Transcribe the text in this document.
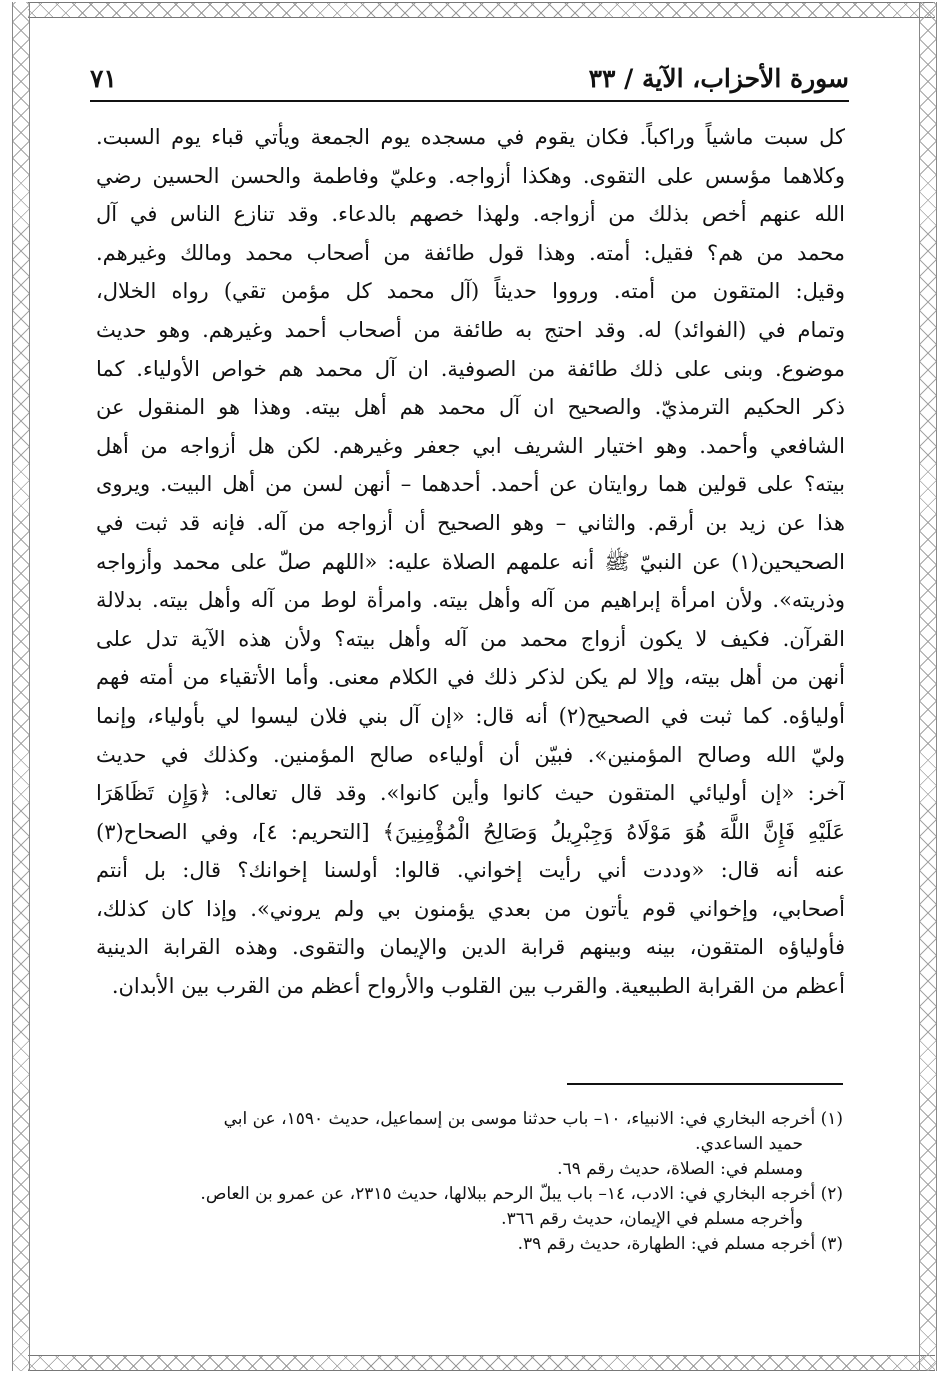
سورة الأحزاب، الآية / ٣٣
٧١
كل سبت ماشياً وراكباً. فكان يقوم في مسجده يوم الجمعة ويأتي قباء يوم السبت.
وكلاهما مؤسس على التقوى. وهكذا أزواجه. وعليّ وفاطمة والحسن الحسين رضي
الله عنهم أخص بذلك من أزواجه. ولهذا خصهم بالدعاء. وقد تنازع الناس في آل
محمد من هم؟ فقيل: أمته. وهذا قول طائفة من أصحاب محمد ومالك وغيرهم.
وقيل: المتقون من أمته. ورووا حديثاً (آل محمد كل مؤمن تقي) رواه الخلال،
وتمام في (الفوائد) له. وقد احتج به طائفة من أصحاب أحمد وغيرهم. وهو حديث
موضوع. وبنى على ذلك طائفة من الصوفية. ان آل محمد هم خواص الأولياء. كما
ذكر الحكيم الترمذيّ. والصحيح ان آل محمد هم أهل بيته. وهذا هو المنقول عن
الشافعي وأحمد. وهو اختيار الشريف ابي جعفر وغيرهم. لكن هل أزواجه من أهل
بيته؟ على قولين هما روايتان عن أحمد. أحدهما – أنهن لسن من أهل البيت. ويروى
هذا عن زيد بن أرقم. والثاني – وهو الصحيح أن أزواجه من آله. فإنه قد ثبت في
الصحيحين(١) عن النبيّ ﷺ أنه علمهم الصلاة عليه: «اللهم صلّ على محمد وأزواجه
وذريته». ولأن امرأة إبراهيم من آله وأهل بيته. وامرأة لوط من آله وأهل بيته. بدلالة
القرآن. فكيف لا يكون أزواج محمد من آله وأهل بيته؟ ولأن هذه الآية تدل على
أنهن من أهل بيته، وإلا لم يكن لذكر ذلك في الكلام معنى. وأما الأتقياء من أمته فهم
أولياؤه. كما ثبت في الصحيح(٢) أنه قال: «إن آل بني فلان ليسوا لي بأولياء، وإنما
وليّ الله وصالح المؤمنين». فبيّن أن أولياءه صالح المؤمنين. وكذلك في حديث
آخر: «إن أوليائي المتقون حيث كانوا وأين كانوا». وقد قال تعالى: ﴿وَإِن تَظَاهَرَا
عَلَيْهِ فَإِنَّ اللَّهَ هُوَ مَوْلَاهُ وَجِبْرِيلُ وَصَالِحُ الْمُؤْمِنِينَ﴾ [التحريم: ٤]، وفي الصحاح(٣)
عنه أنه قال: «وددت أني رأيت إخواني. قالوا: أولسنا إخوانك؟ قال: بل أنتم
أصحابي، وإخواني قوم يأتون من بعدي يؤمنون بي ولم يروني». وإذا كان كذلك،
فأولياؤه المتقون، بينه وبينهم قرابة الدين والإيمان والتقوى. وهذه القرابة الدينية
أعظم من القرابة الطبيعية. والقرب بين القلوب والأرواح أعظم من القرب بين الأبدان.
(١) أخرجه البخاري في: الانبياء، ١٠– باب حدثنا موسى بن إسماعيل، حديث ١٥٩٠، عن ابي
حميد الساعدي.
ومسلم في: الصلاة، حديث رقم ٦٩.
(٢) أخرجه البخاري في: الادب، ١٤– باب يبلّ الرحم ببلالها، حديث ٢٣١٥، عن عمرو بن العاص.
وأخرجه مسلم في الإيمان، حديث رقم ٣٦٦.
(٣) أخرجه مسلم في: الطهارة، حديث رقم ٣٩.
